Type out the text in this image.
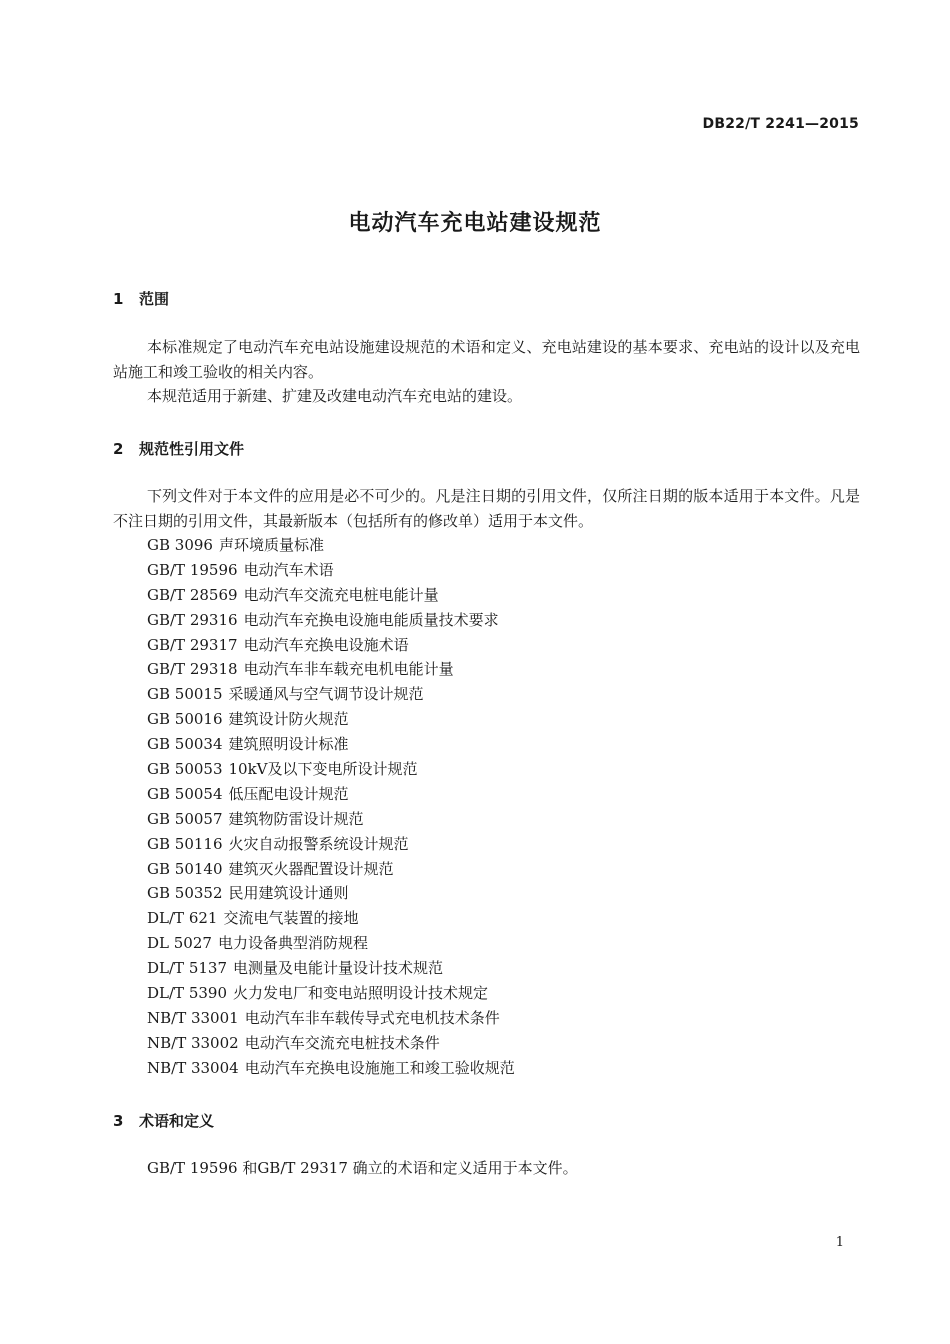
DB22/T 2241—2015
电动汽车充电站建设规范
1 范围
本标准规定了电动汽车充电站设施建设规范的术语和定义、充电站建设的基本要求、充电站的设计以及充电站施工和竣工验收的相关内容。
本规范适用于新建、扩建及改建电动汽车充电站的建设。
2 规范性引用文件
下列文件对于本文件的应用是必不可少的。凡是注日期的引用文件，仅所注日期的版本适用于本文件。凡是不注日期的引用文件，其最新版本（包括所有的修改单）适用于本文件。
GB 3096 声环境质量标准
GB/T 19596 电动汽车术语
GB/T 28569 电动汽车交流充电桩电能计量
GB/T 29316 电动汽车充换电设施电能质量技术要求
GB/T 29317 电动汽车充换电设施术语
GB/T 29318 电动汽车非车载充电机电能计量
GB 50015 采暖通风与空气调节设计规范
GB 50016 建筑设计防火规范
GB 50034 建筑照明设计标准
GB 50053 10kV及以下变电所设计规范
GB 50054 低压配电设计规范
GB 50057 建筑物防雷设计规范
GB 50116 火灾自动报警系统设计规范
GB 50140 建筑灭火器配置设计规范
GB 50352 民用建筑设计通则
DL/T 621 交流电气装置的接地
DL 5027 电力设备典型消防规程
DL/T 5137 电测量及电能计量设计技术规范
DL/T 5390 火力发电厂和变电站照明设计技术规定
NB/T 33001 电动汽车非车载传导式充电机技术条件
NB/T 33002 电动汽车交流充电桩技术条件
NB/T 33004 电动汽车充换电设施施工和竣工验收规范
3 术语和定义
GB/T 19596 和GB/T 29317 确立的术语和定义适用于本文件。
1
